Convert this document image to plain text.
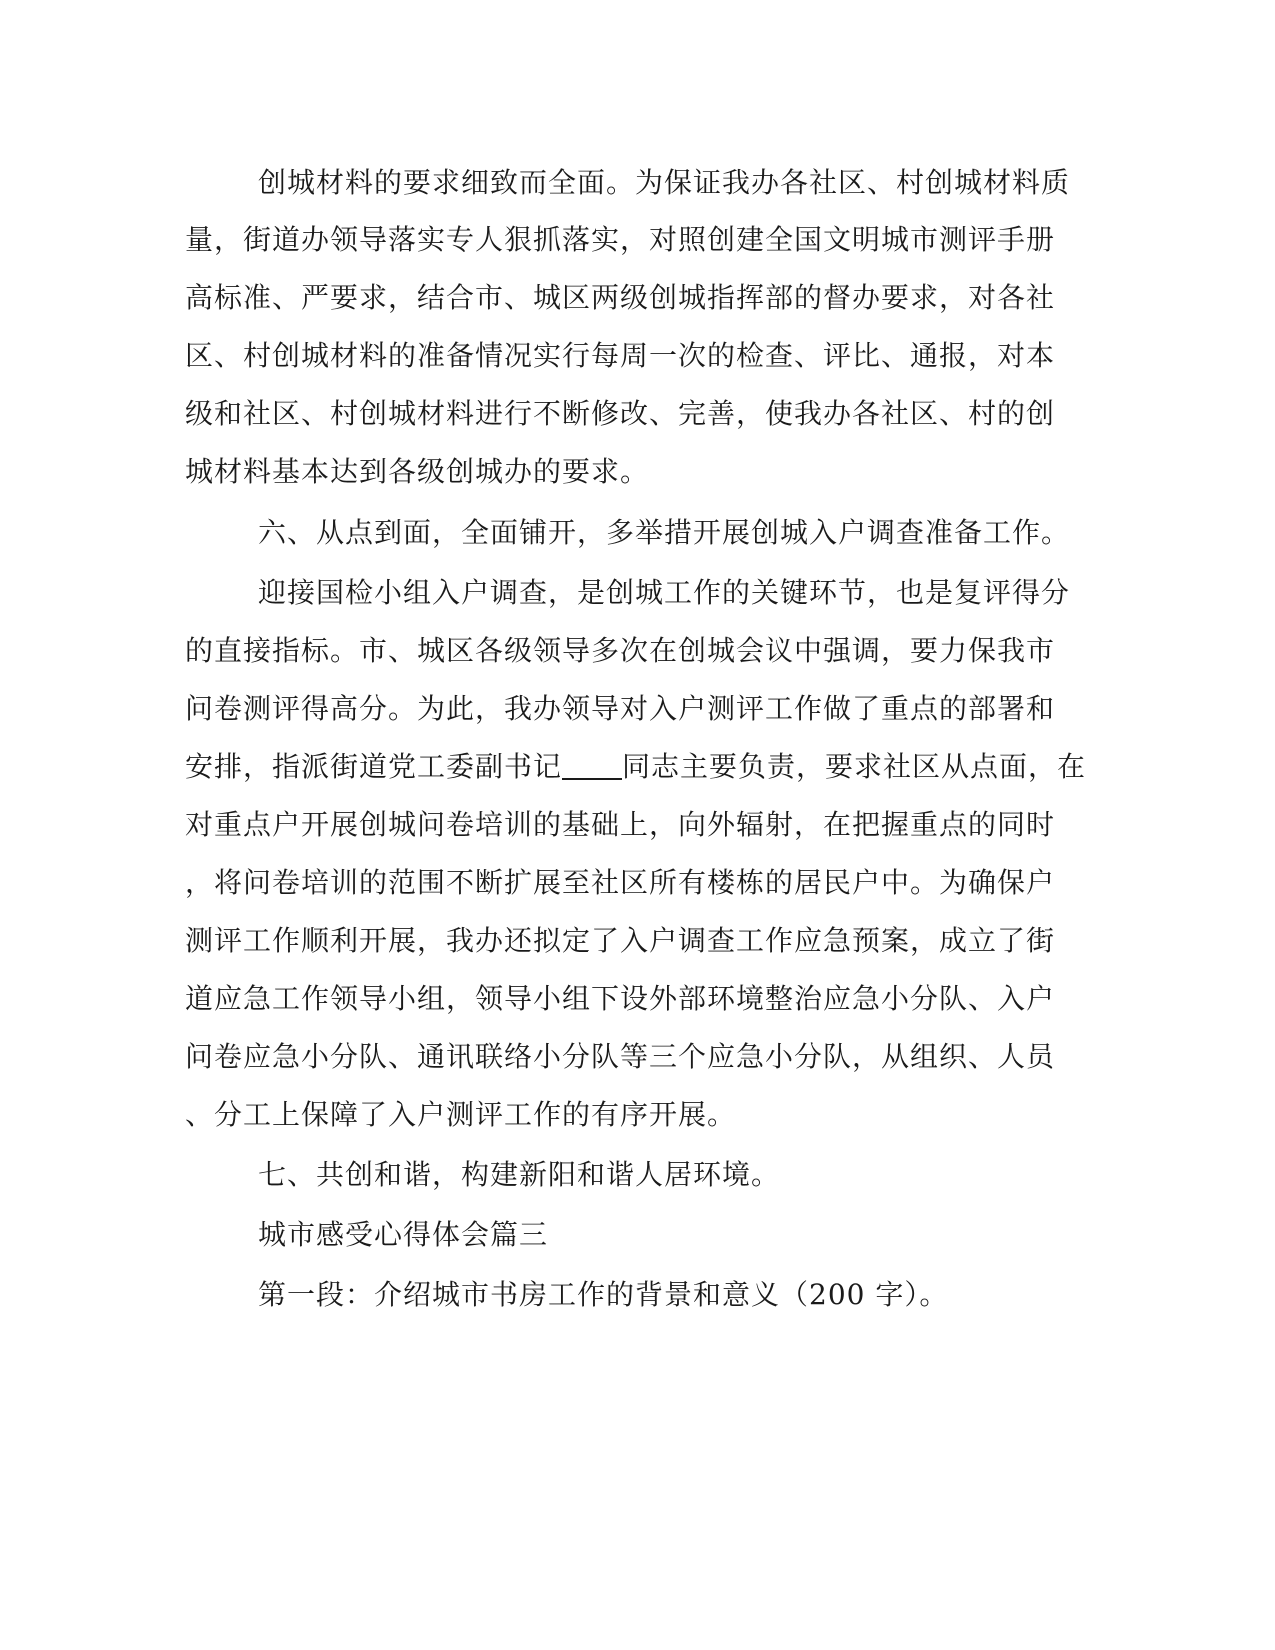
创城材料的要求细致而全面。为保证我办各社区、村创城材料质
量，街道办领导落实专人狠抓落实，对照创建全国文明城市测评手册
高标准、严要求，结合市、城区两级创城指挥部的督办要求，对各社
区、村创城材料的准备情况实行每周一次的检查、评比、通报，对本
级和社区、村创城材料进行不断修改、完善，使我办各社区、村的创
城材料基本达到各级创城办的要求。
六、从点到面，全面铺开，多举措开展创城入户调查准备工作。
迎接国检小组入户调查，是创城工作的关键环节，也是复评得分
的直接指标。市、城区各级领导多次在创城会议中强调，要力保我市
问卷测评得高分。为此，我办领导对入户测评工作做了重点的部署和
安排，指派街道党工委副书记 同志主要负责，要求社区从点面，在
对重点户开展创城问卷培训的基础上，向外辐射，在把握重点的同时
，将问卷培训的范围不断扩展至社区所有楼栋的居民户中。为确保户
测评工作顺利开展，我办还拟定了入户调查工作应急预案，成立了街
道应急工作领导小组，领导小组下设外部环境整治应急小分队、入户
问卷应急小分队、通讯联络小分队等三个应急小分队，从组织、人员
、分工上保障了入户测评工作的有序开展。
七、共创和谐，构建新阳和谐人居环境。
城市感受心得体会篇三
第一段：介绍城市书房工作的背景和意义（200 字）。
